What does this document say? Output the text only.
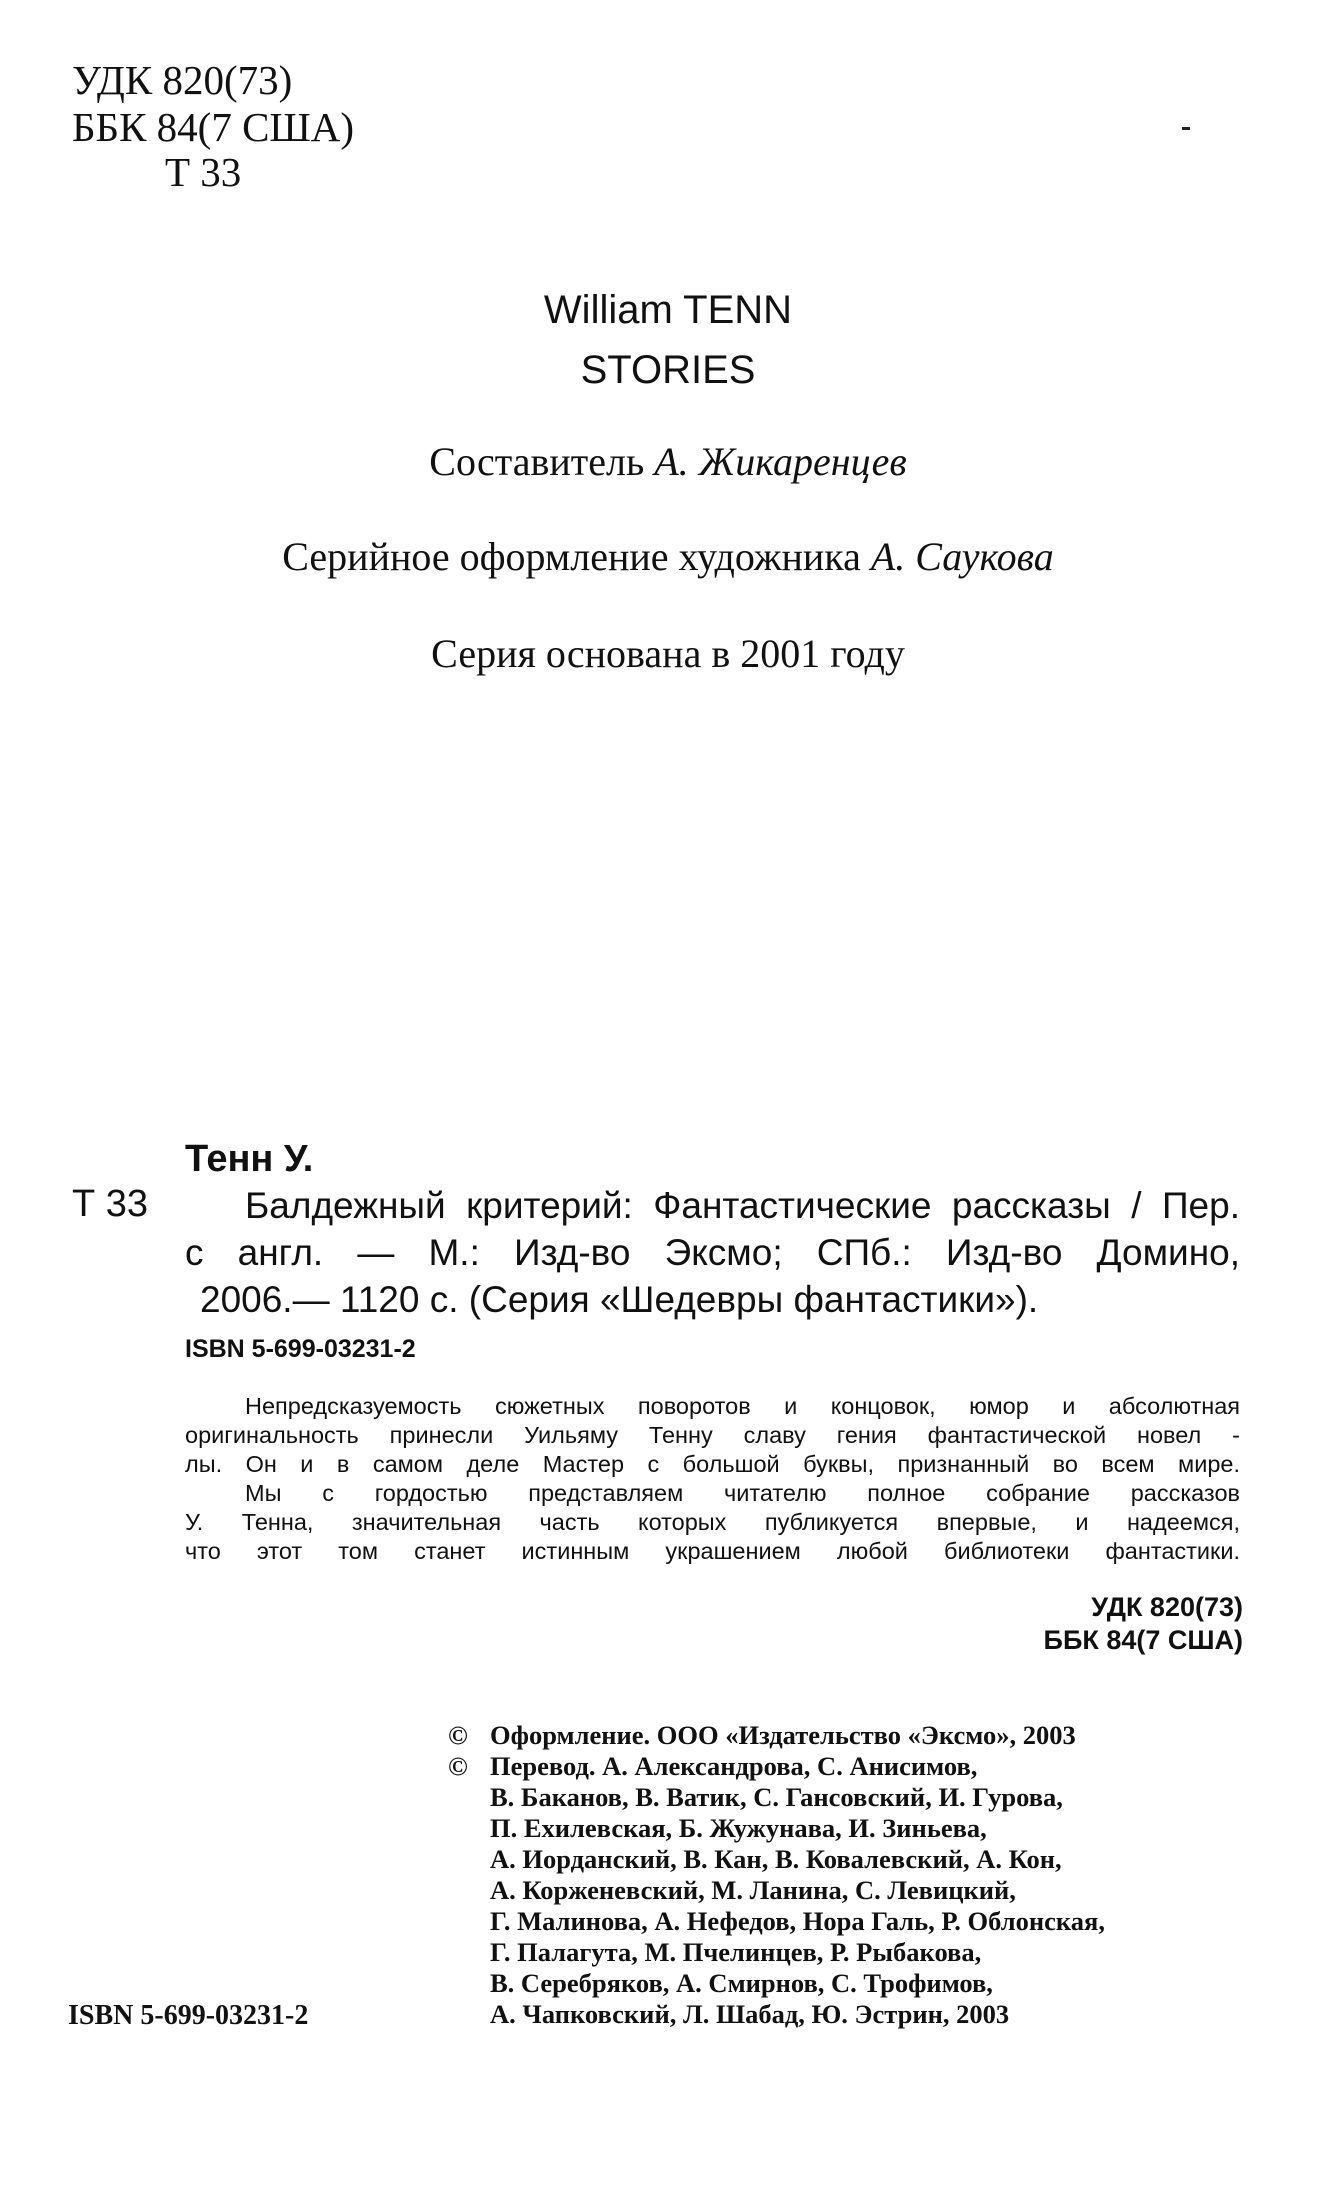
УДК 820(73)
ББК 84(7 США)
Т 33
William TENN
STORIES
Составитель А. Жикаренцев
Серийное оформление художника А. Саукова
Серия основана в 2001 году
Тенн У.
Т 33	Балдежный критерий: Фантастические рассказы / Пер.
с англ. — М.: Изд-во Эксмо; СПб.: Изд-во Домино,
2006.— 1120 с. (Серия «Шедевры фантастики»).
ISBN 5-699-03231-2
Непредсказуемость сюжетных поворотов и концовок, юмор и абсолютная
оригинальность принесли Уильяму Тенну славу гения фантастической новел -
лы. Он и в самом деле Мастер с большой буквы, признанный во всем мире.
Мы с гордостью представляем читателю полное собрание рассказов
У. Тенна, значительная часть которых публикуется впервые, и надеемся,
что этот том станет истинным украшением любой библиотеки фантастики.
УДК 820(73)
ББК 84(7 США)
© Оформление. ООО «Издательство «Эксмо», 2003
© Перевод. А. Александрова, С. Анисимов,
В. Баканов, В. Ватик, С. Гансовский, И. Гурова,
П. Ехилевская, Б. Жужунава, И. Зиньева,
А. Иорданский, В. Кан, В. Ковалевский, А. Кон,
А. Корженевский, М. Ланина, С. Левицкий,
Г. Малинова, А. Нефедов, Нора Галь, Р. Облонская,
Г. Палагута, М. Пчелинцев, Р. Рыбакова,
В. Серебряков, А. Смирнов, С. Трофимов,
А. Чапковский, Л. Шабад, Ю. Эстрин, 2003
ISBN 5-699-03231-2
